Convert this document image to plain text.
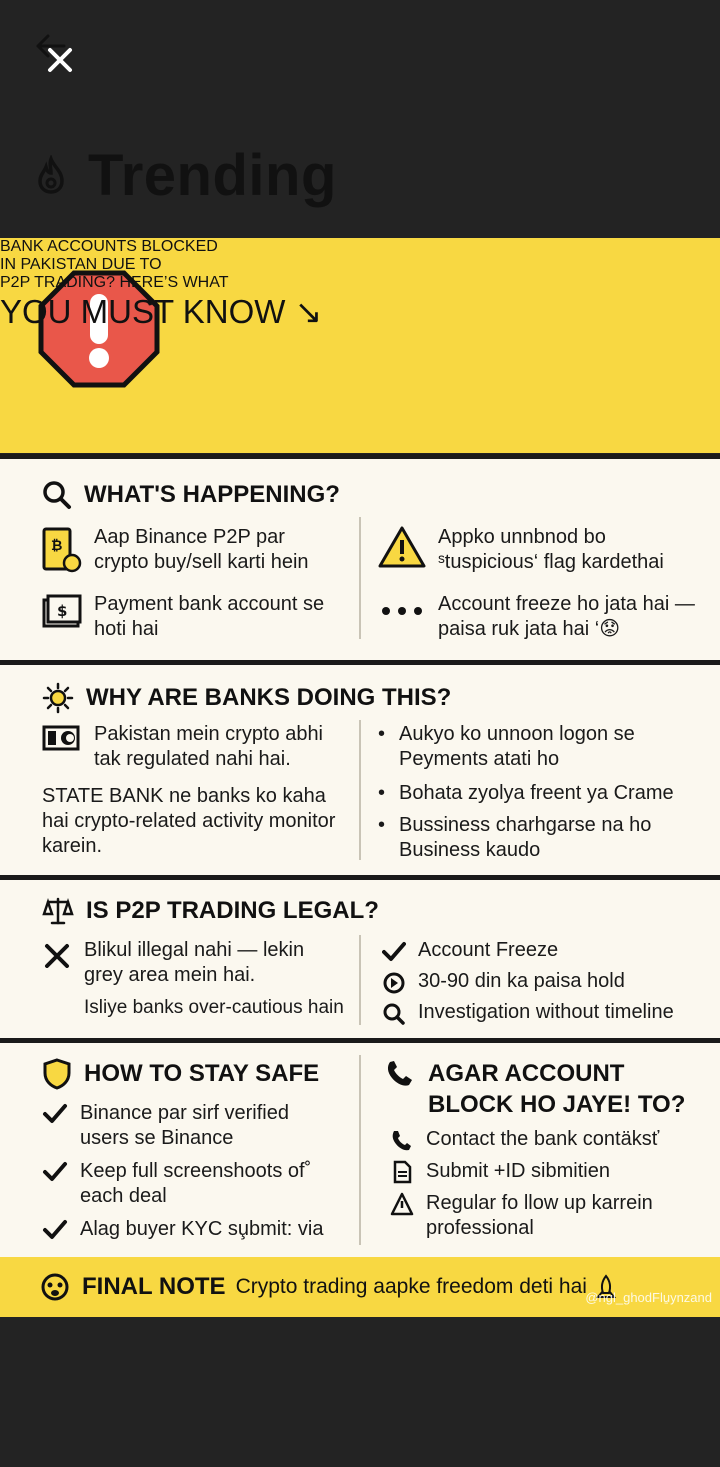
Trending
BANK ACCOUNTS BLOCKED
IN PAKISTAN DUE TO
P2P TRADING? HERE’S WHAT
YOU MUST KNOW ↘
WHAT'S HAPPENING?
₿ Aap Binance P2P par crypto buy/sell karti hein
$ Payment bank account se hoti hai
Appko unnbnod bo ˢtuspicious‘ flag kardethai
Account freeze ho jata hai — paisa ruk jata hai ‘😟
WHY ARE BANKS DOING THIS?
Pakistan mein crypto abhi tak regulated nahi hai.
STATE BANK ne banks ko kaha hai crypto-related activity monitor karein.
• Aukyo ko unnoon logon se Peyments atati ho
• Bohata zyolya freent ya Crame
• Bussiness charhgarse na ho Business kaudo
IS P2P TRADING LEGAL?
Blikul illegal nahi — lekin
grey area mein hai.
Isliye banks over-cautious hain
Account Freeze
30-90 din ka paisa hold
Investigation without timeline
HOW TO STAY SAFE
Binance par sirf verified users se Binance
Keep full screenshoots of˚ each deal
Alag buyer KYC su̧bmit: via
AGAR ACCOUNT
BLOCK HO JAYE! TO?
Contact the bank contäksť
Submit +ID sibmitien
Regular fo llow up karrein professional
FINAL NOTE Crypto trading aapke freedom deti hai
@ngl_ghodFlu̱ynzand
